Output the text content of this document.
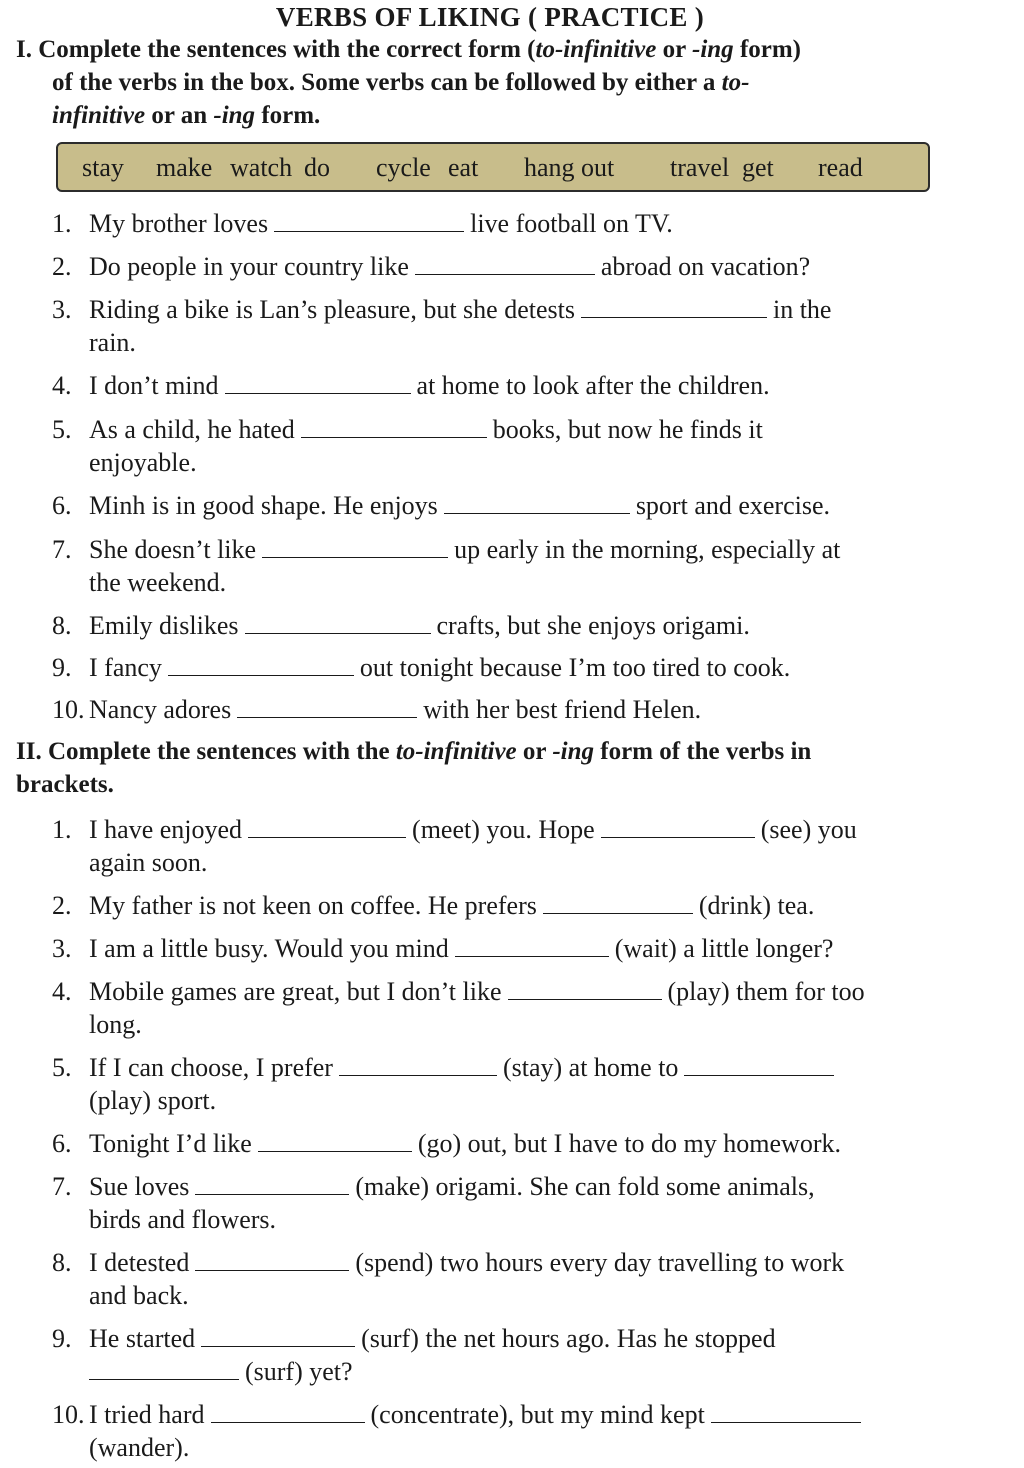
VERBS OF LIKING ( PRACTICE )
I. Complete the sentences with the correct form (to-infinitive or -ing form)
of the verbs in the box. Some verbs can be followed by either a to-
infinitive or an -ing form.
stay make watch do cycle eat hang out travel get read
1. My brother loves	live football on TV.
2. Do people in your country like	abroad on vacation?
3. Riding a bike is Lan’s pleasure, but she detests	in the
rain.
4. I don’t mind	at home to look after the children.
5. As a child, he hated	books, but now he finds it
enjoyable.
6. Minh is in good shape. He enjoys	sport and exercise.
7. She doesn’t like	up early in the morning, especially at
the weekend.
8. Emily dislikes	crafts, but she enjoys origami.
9. I fancy	out tonight because I’m too tired to cook.
10. Nancy adores	with her best friend Helen.
II. Complete the sentences with the to-infinitive or -ing form of the verbs in
brackets.
1. I have enjoyed	(meet) you. Hope	(see) you
again soon.
2. My father is not keen on coffee. He prefers	(drink) tea.
3. I am a little busy. Would you mind	(wait) a little longer?
4. Mobile games are great, but I don’t like	(play) them for too
long.
5. If I can choose, I prefer	(stay) at home to
(play) sport.
6. Tonight I’d like	(go) out, but I have to do my homework.
7. Sue loves	(make) origami. She can fold some animals,
birds and flowers.
8. I detested	(spend) two hours every day travelling to work
and back.
9. He started	(surf) the net hours ago. Has he stopped
(surf) yet?
10. I tried hard	(concentrate), but my mind kept
(wander).
